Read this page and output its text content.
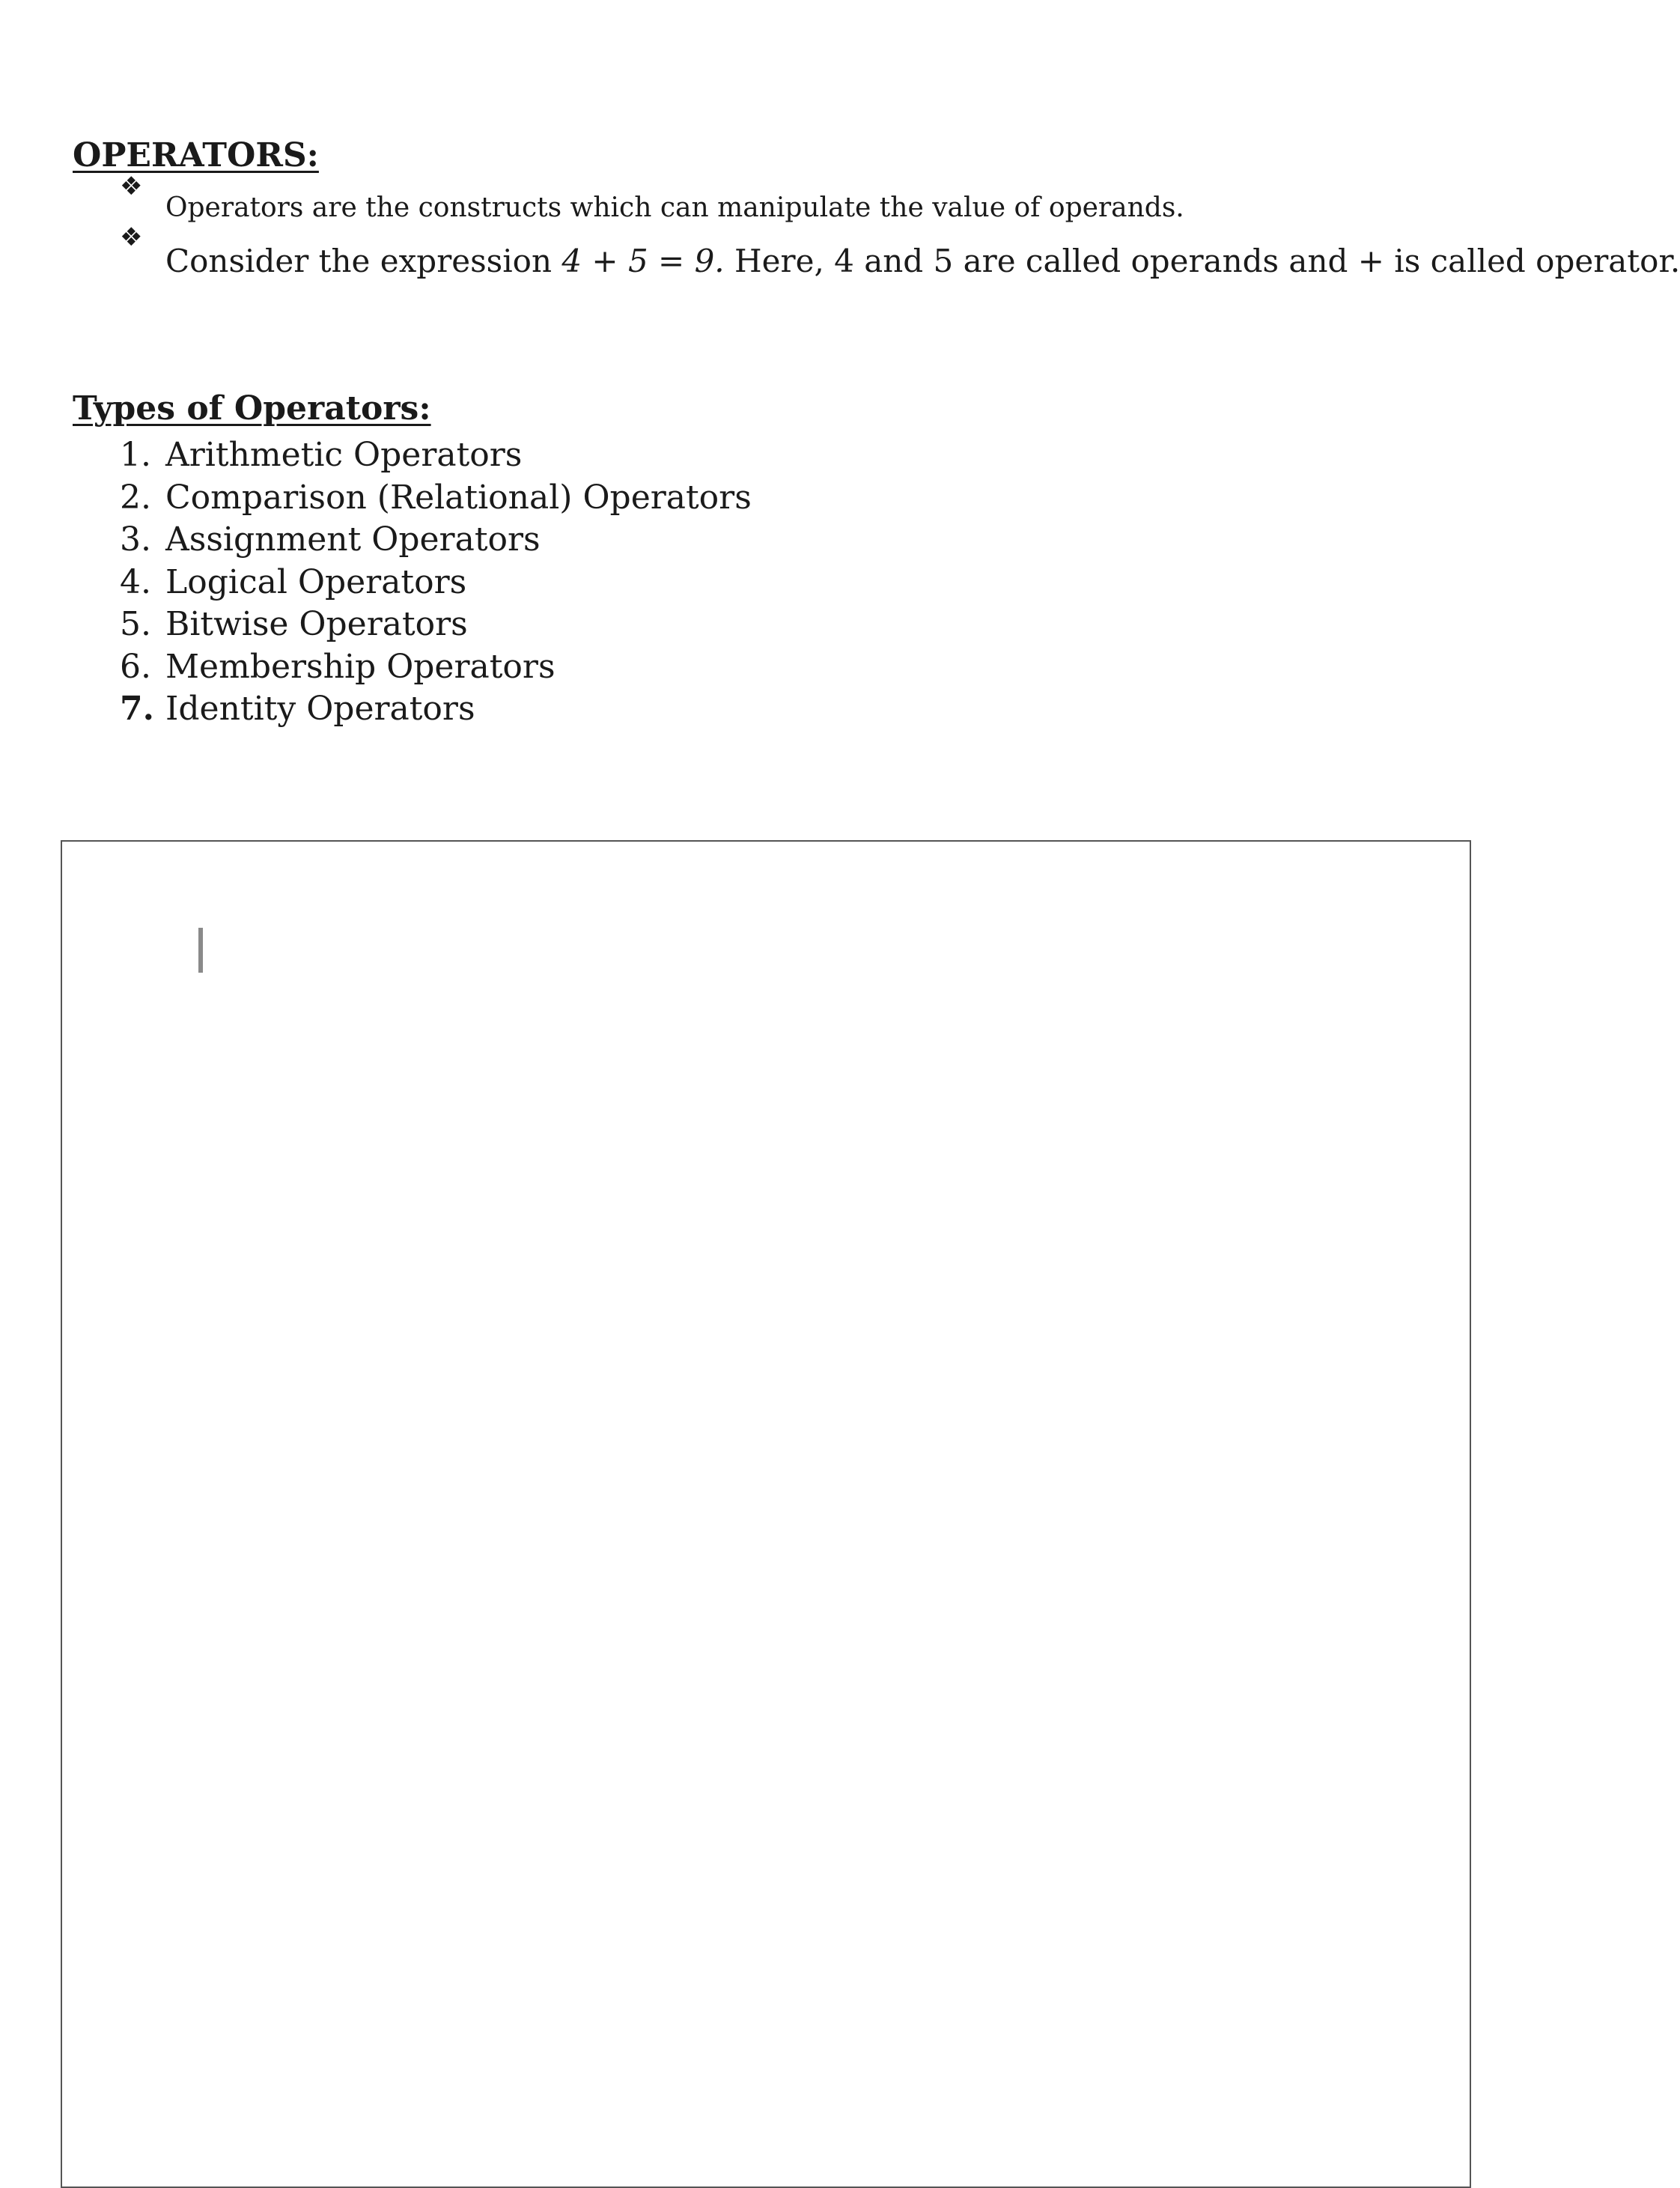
OPERATORS:
❖
Operators are the constructs which can manipulate the value of operands.
❖
Consider the expression 4 + 5 = 9. Here, 4 and 5 are called operands and + is called operator.
Types of Operators:
1. Arithmetic Operators
2. Comparison (Relational) Operators
3. Assignment Operators
4. Logical Operators
5. Bitwise Operators
6. Membership Operators
7. Identity Operators
